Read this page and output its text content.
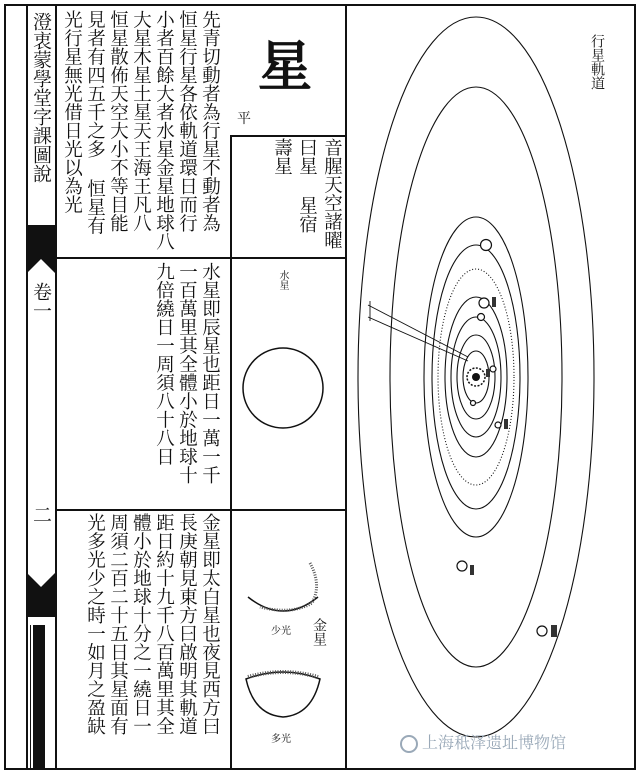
澄衷蒙學堂字課圖說
卷一
二
星
平
音腥天空諸曜
曰星 星宿
壽星
先青切動者為行星不動者為
恒星行星各依軌道環日而行
小者百餘大者水星金星地球八
大星木星土星天王海王凡八
恒星散佈天空大小不等目能
見者有四五千之多 恒星有
光行星無光借日光以為光
水星即辰星也距日一萬一千
一百萬里其全體小於地球十
九倍繞日一周須八十八日	水星
金星即太白星也夜見西方曰
長庚朝見東方曰啟明其軌道
距日約十九千八百萬里其全
體小於地球十分之一繞日一
周須二百二十五日其星面有
光多光少之時一如月之盈缺	金星
少光
多光
行星軌道
上海秪泽遗址博物馆
